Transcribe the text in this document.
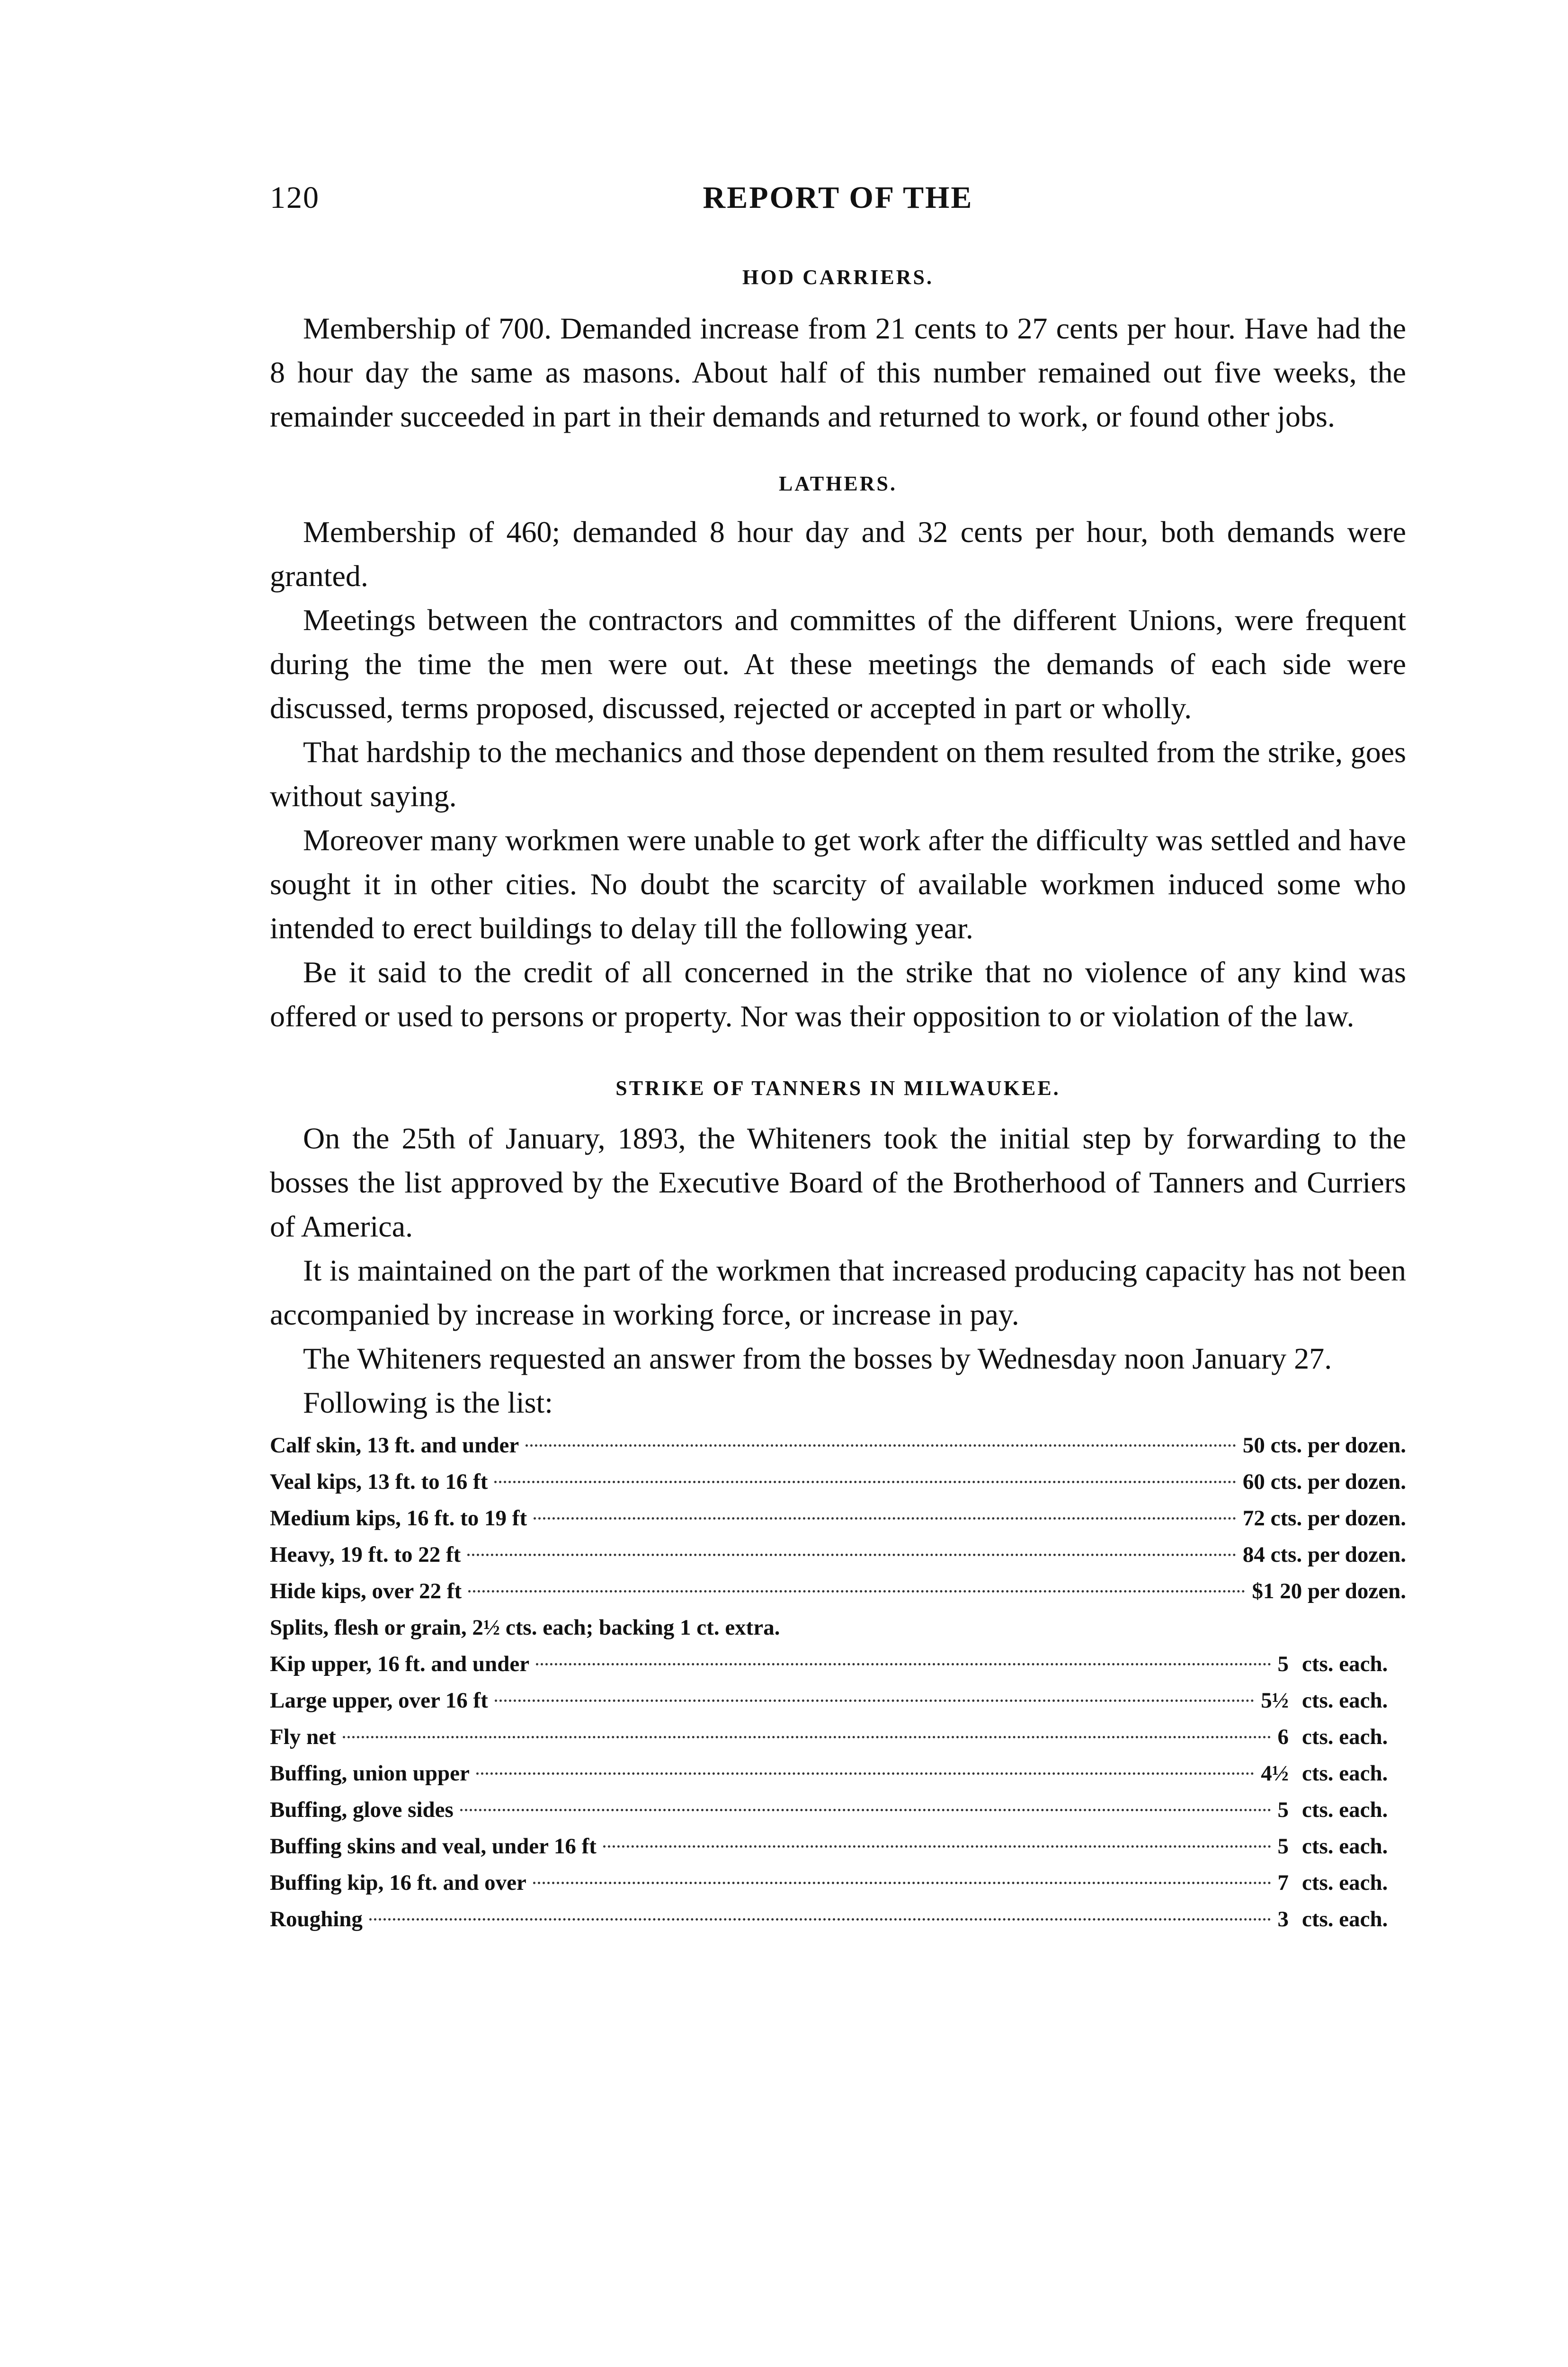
120	REPORT OF THE
HOD CARRIERS.

Membership of 700. Demanded increase from 21 cents to 27 cents per hour. Have had the 8 hour day the same as masons. About half of this number remained out five weeks, the remainder succeeded in part in their demands and returned to work, or found other jobs.

LATHERS.

Membership of 460; demanded 8 hour day and 32 cents per hour, both demands were granted.

Meetings between the contractors and committes of the different Unions, were frequent during the time the men were out. At these meetings the demands of each side were discussed, terms proposed, discussed, rejected or accepted in part or wholly.

That hardship to the mechanics and those dependent on them resulted from the strike, goes without saying.

Moreover many workmen were unable to get work after the difficulty was settled and have sought it in other cities. No doubt the scarcity of available workmen induced some who intended to erect buildings to delay till the following year.

Be it said to the credit of all concerned in the strike that no violence of any kind was offered or used to persons or property. Nor was their opposition to or violation of the law.

STRIKE OF TANNERS IN MILWAUKEE.

On the 25th of January, 1893, the Whiteners took the initial step by forwarding to the bosses the list approved by the Executive Board of the Brotherhood of Tanners and Curriers of America.

It is maintained on the part of the workmen that increased producing capacity has not been accompanied by increase in working force, or increase in pay.

The Whiteners requested an answer from the bosses by Wednesday noon January 27.

Following is the list:

Calf skin, 13 ft. and under	50 cts. per dozen.
Veal kips, 13 ft. to 16 ft	60 cts. per dozen.
Medium kips, 16 ft. to 19 ft	72 cts. per dozen.
Heavy, 19 ft. to 22 ft	84 cts. per dozen.
Hide kips, over 22 ft	$1 20 per dozen.

Splits, flesh or grain, 2½ cts. each; backing 1 ct. extra.

Kip upper, 16 ft. and under	5 cts. each.
Large upper, over 16 ft	5½ cts. each.
Fly net	6 cts. each.
Buffing, union upper	4½ cts. each.
Buffing, glove sides	5 cts. each.
Buffing skins and veal, under 16 ft	5 cts. each.
Buffing kip, 16 ft. and over	7 cts. each.
Roughing	3 cts. each.
